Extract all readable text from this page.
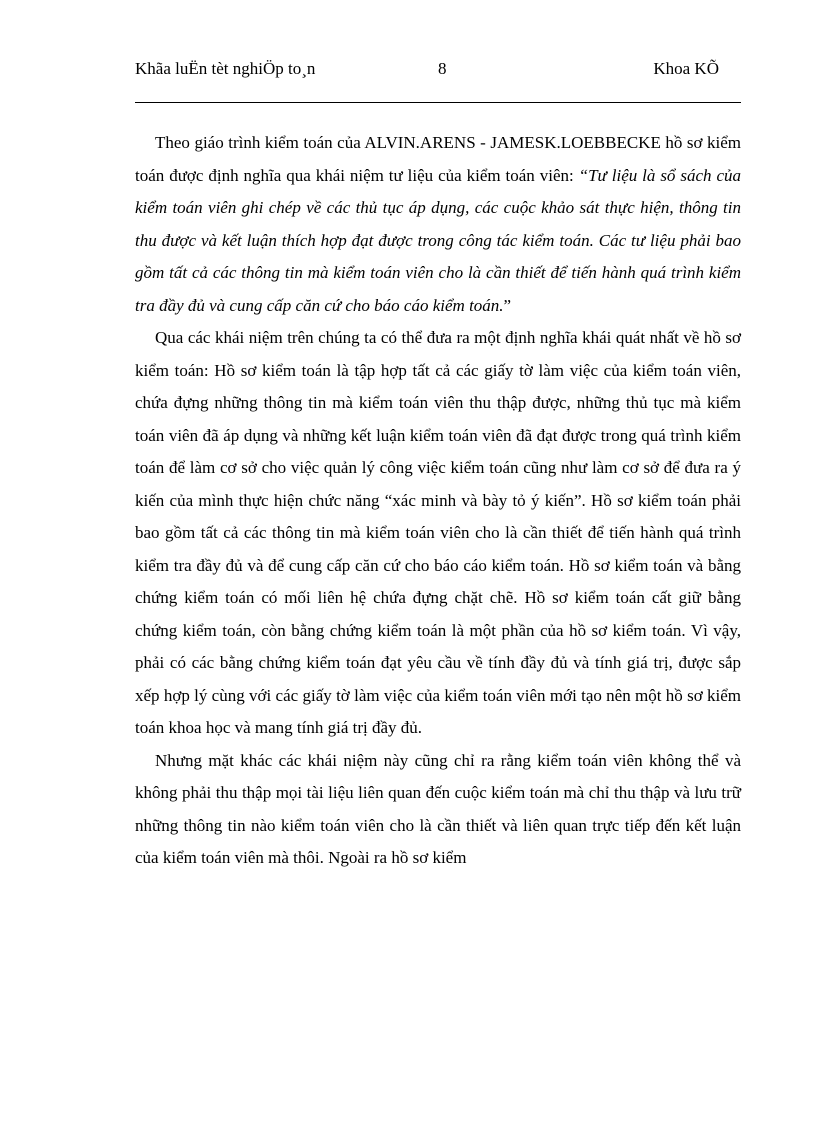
Khãa luËn tèt nghiÖp to¸n	8	Khoa KÕ

Theo giáo trình kiểm toán của ALVIN.ARENS - JAMESK.LOEBBECKE hồ sơ kiểm toán được định nghĩa qua khái niệm tư liệu của kiểm toán viên: “Tư liệu là sổ sách của kiểm toán viên ghi chép về các thủ tục áp dụng, các cuộc khảo sát thực hiện, thông tin thu được và kết luận thích hợp đạt được trong công tác kiểm toán. Các tư liệu phải bao gồm tất cả các thông tin mà kiểm toán viên cho là cần thiết để tiến hành quá trình kiểm tra đầy đủ và cung cấp căn cứ cho báo cáo kiểm toán.”

Qua các khái niệm trên chúng ta có thể đưa ra một định nghĩa khái quát nhất về hồ sơ kiểm toán: Hồ sơ kiểm toán là tập hợp tất cả các giấy tờ làm việc của kiểm toán viên, chứa đựng những thông tin mà kiểm toán viên thu thập được, những thủ tục mà kiểm toán viên đã áp dụng và những kết luận kiểm toán viên đã đạt được trong quá trình kiểm toán để làm cơ sở cho việc quản lý công việc kiểm toán cũng như làm cơ sở để đưa ra ý kiến của mình thực hiện chức năng “xác minh và bày tỏ ý kiến”. Hồ sơ kiểm toán phải bao gồm tất cả các thông tin mà kiểm toán viên cho là cần thiết để tiến hành quá trình kiểm tra đầy đủ và để cung cấp căn cứ cho báo cáo kiểm toán. Hồ sơ kiểm toán và bằng chứng kiểm toán có mối liên hệ chứa đựng chặt chẽ. Hồ sơ kiểm toán cất giữ bằng chứng kiểm toán, còn bằng chứng kiểm toán là một phần của hồ sơ kiểm toán. Vì vậy, phải có các bằng chứng kiểm toán đạt yêu cầu về tính đầy đủ và tính giá trị, được sắp xếp hợp lý cùng với các giấy tờ làm việc của kiểm toán viên mới tạo nên một hồ sơ kiểm toán khoa học và mang tính giá trị đầy đủ.

Nhưng mặt khác các khái niệm này cũng chỉ ra rằng kiểm toán viên không thể và không phải thu thập mọi tài liệu liên quan đến cuộc kiểm toán mà chỉ thu thập và lưu trữ những thông tin nào kiểm toán viên cho là cần thiết và liên quan trực tiếp đến kết luận của kiểm toán viên mà thôi. Ngoài ra hồ sơ kiểm
